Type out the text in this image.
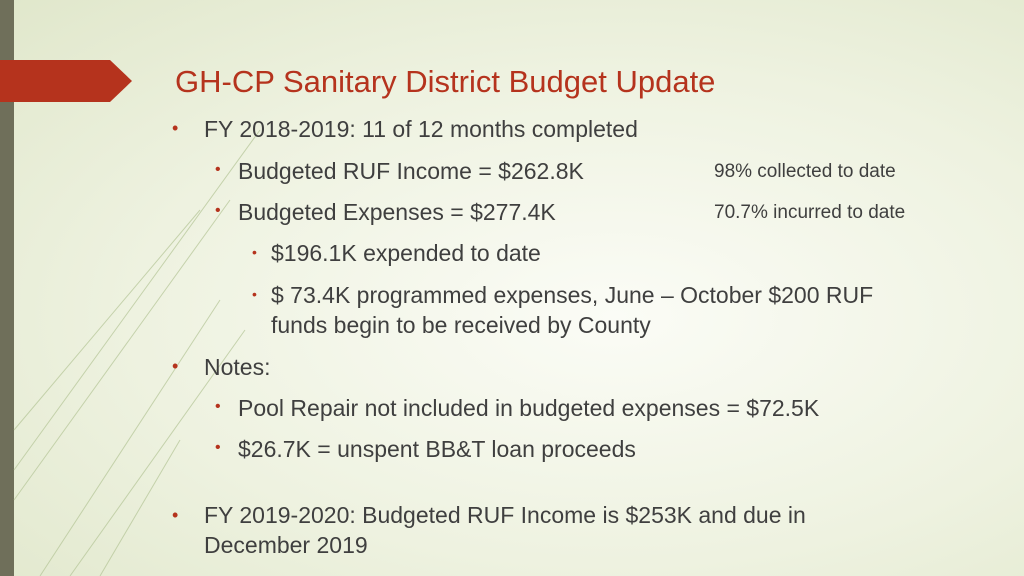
GH-CP Sanitary District Budget Update
• FY 2018-2019: 11 of 12 months completed
• Budgeted RUF Income = $262.8K	98% collected to date
• Budgeted Expenses = $277.4K	70.7% incurred to date
• $196.1K expended to date
• $ 73.4K programmed expenses, June – October $200 RUF
funds begin to be received by County
• Notes:
• Pool Repair not included in budgeted expenses = $72.5K
• $26.7K = unspent BB&T loan proceeds
• FY 2019-2020: Budgeted RUF Income is $253K and due in
December 2019
